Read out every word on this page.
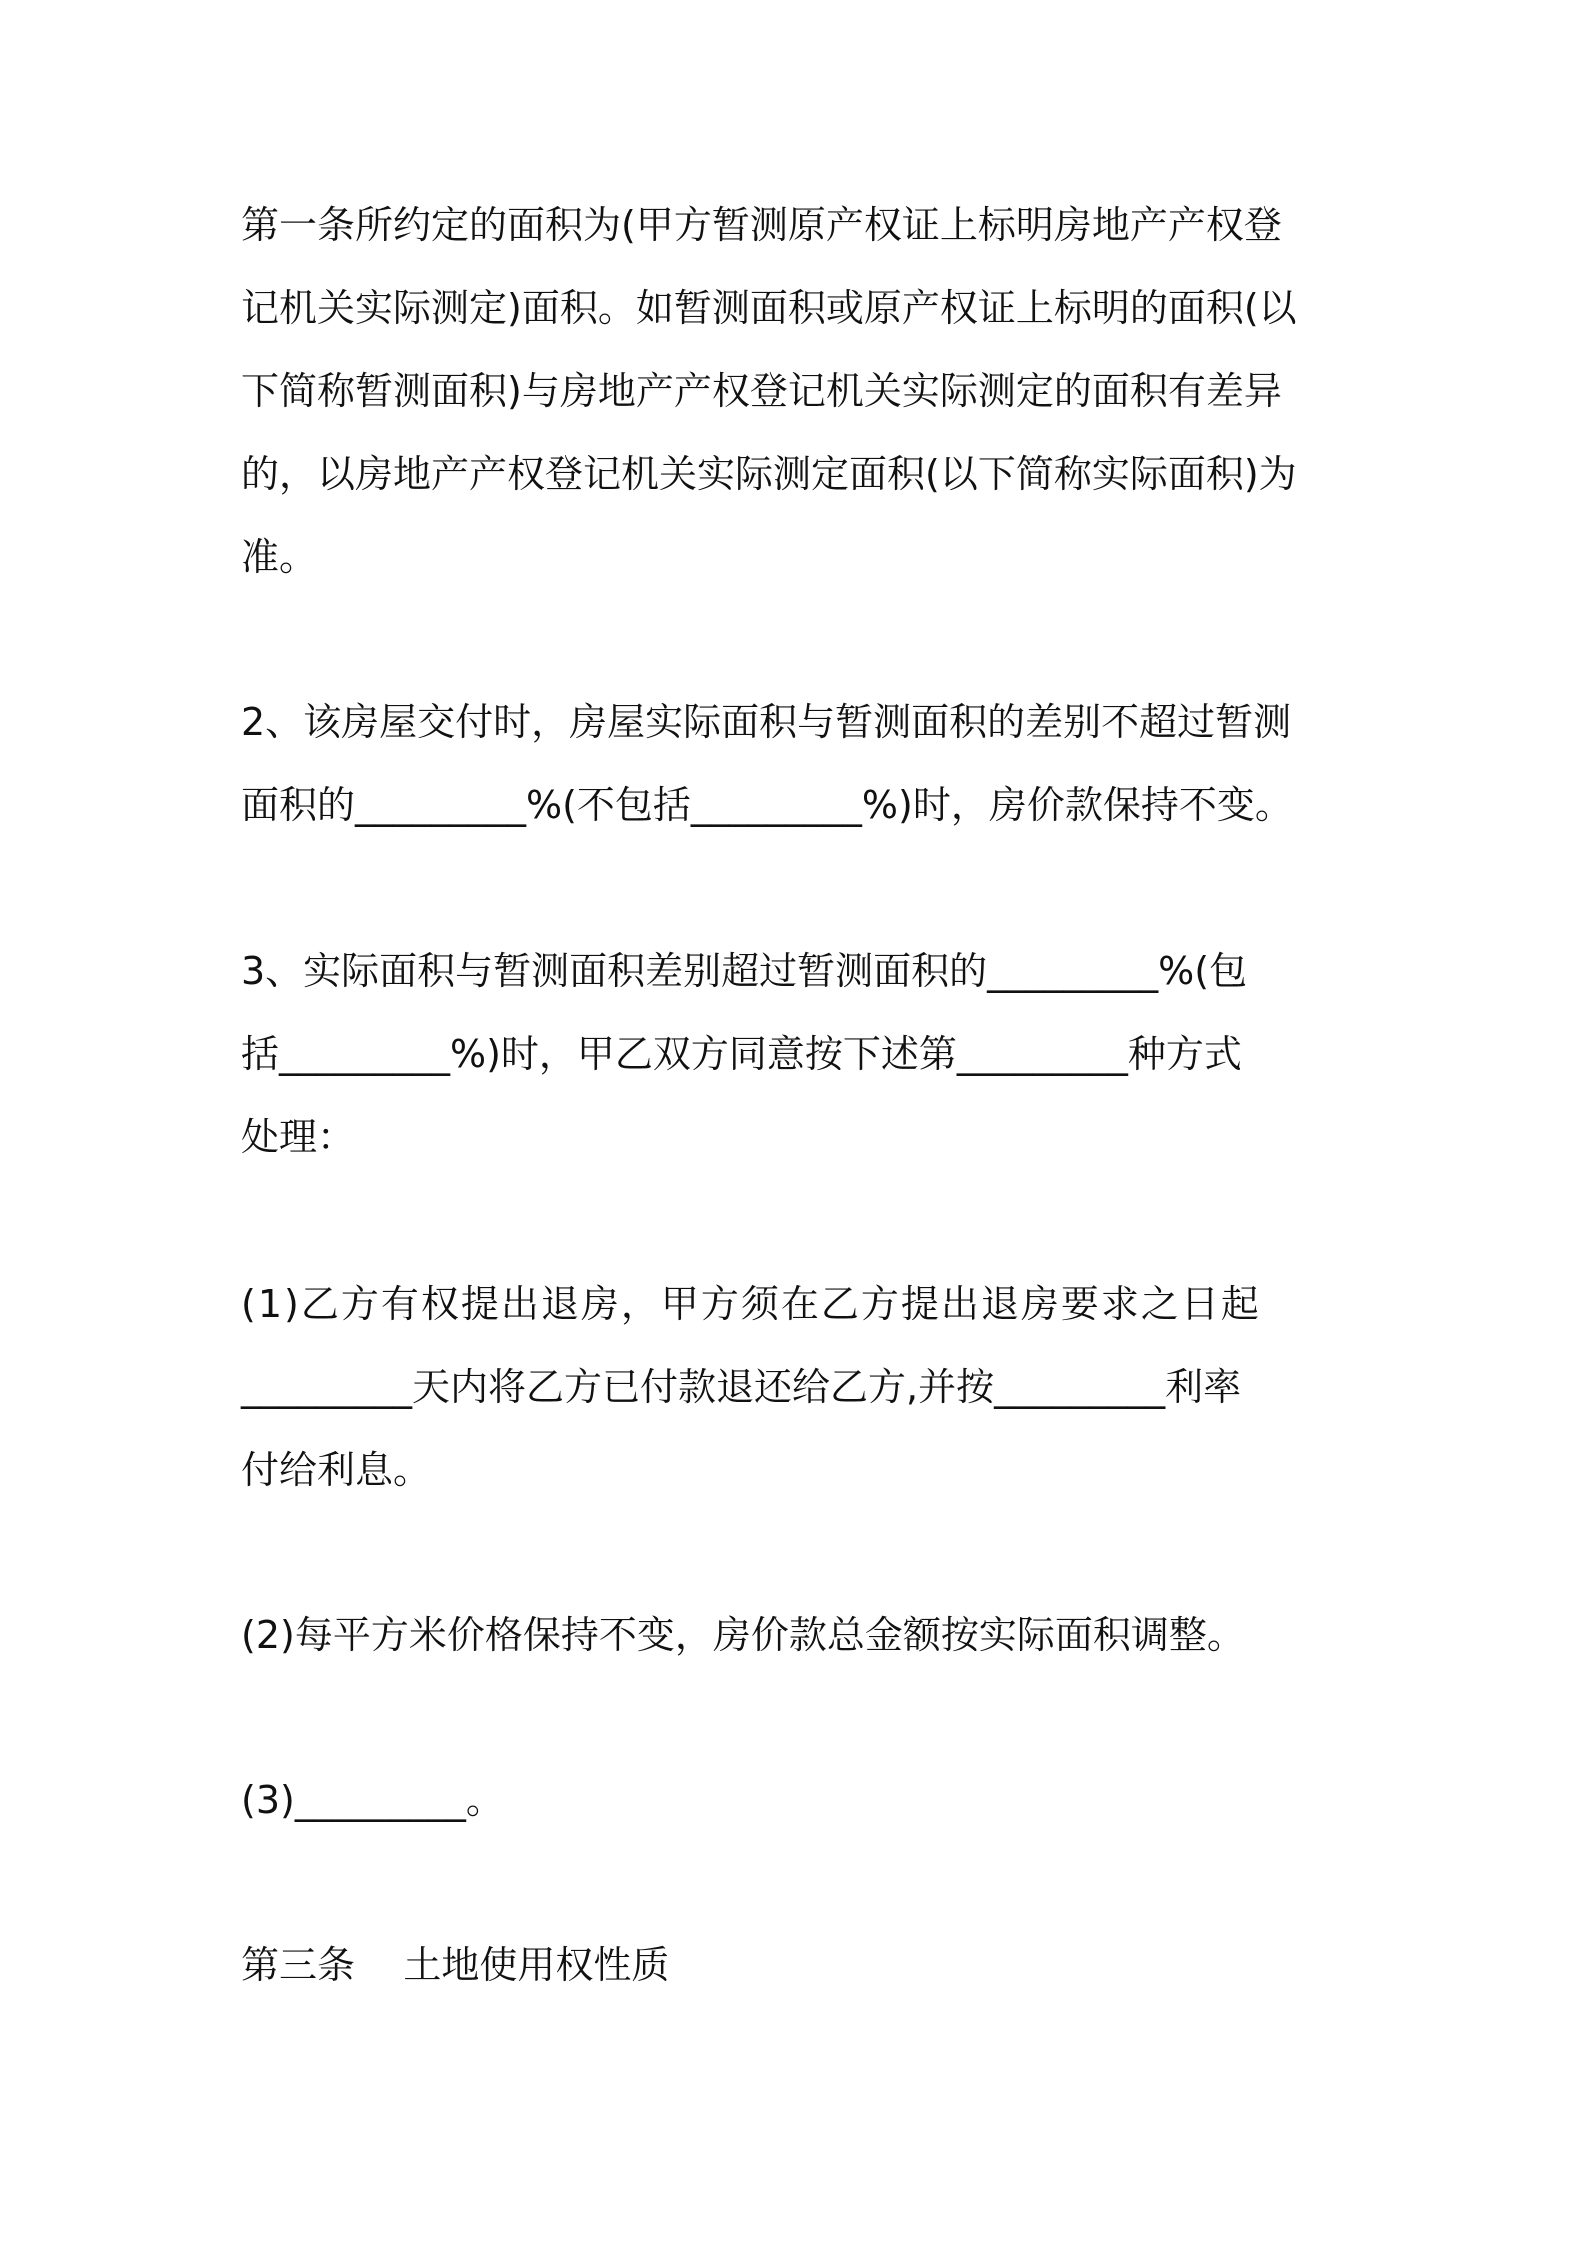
第一条所约定的面积为(甲方暂测原产权证上标明房地产产权登

记机关实际测定)面积。如暂测面积或原产权证上标明的面积(以

下简称暂测面积)与房地产产权登记机关实际测定的面积有差异

的，以房地产产权登记机关实际测定面积(以下简称实际面积)为

准。

2、该房屋交付时，房屋实际面积与暂测面积的差别不超过暂测

面积的_________%(不包括_________%)时，房价款保持不变。

3、实际面积与暂测面积差别超过暂测面积的_________%(包

括_________%)时，甲乙双方同意按下述第_________种方式

处理：

(1)乙方有权提出退房，甲方须在乙方提出退房要求之日起

_________天内将乙方已付款退还给乙方,并按_________利率

付给利息。

(2)每平方米价格保持不变，房价款总金额按实际面积调整。

(3)_________。

第三条    土地使用权性质
